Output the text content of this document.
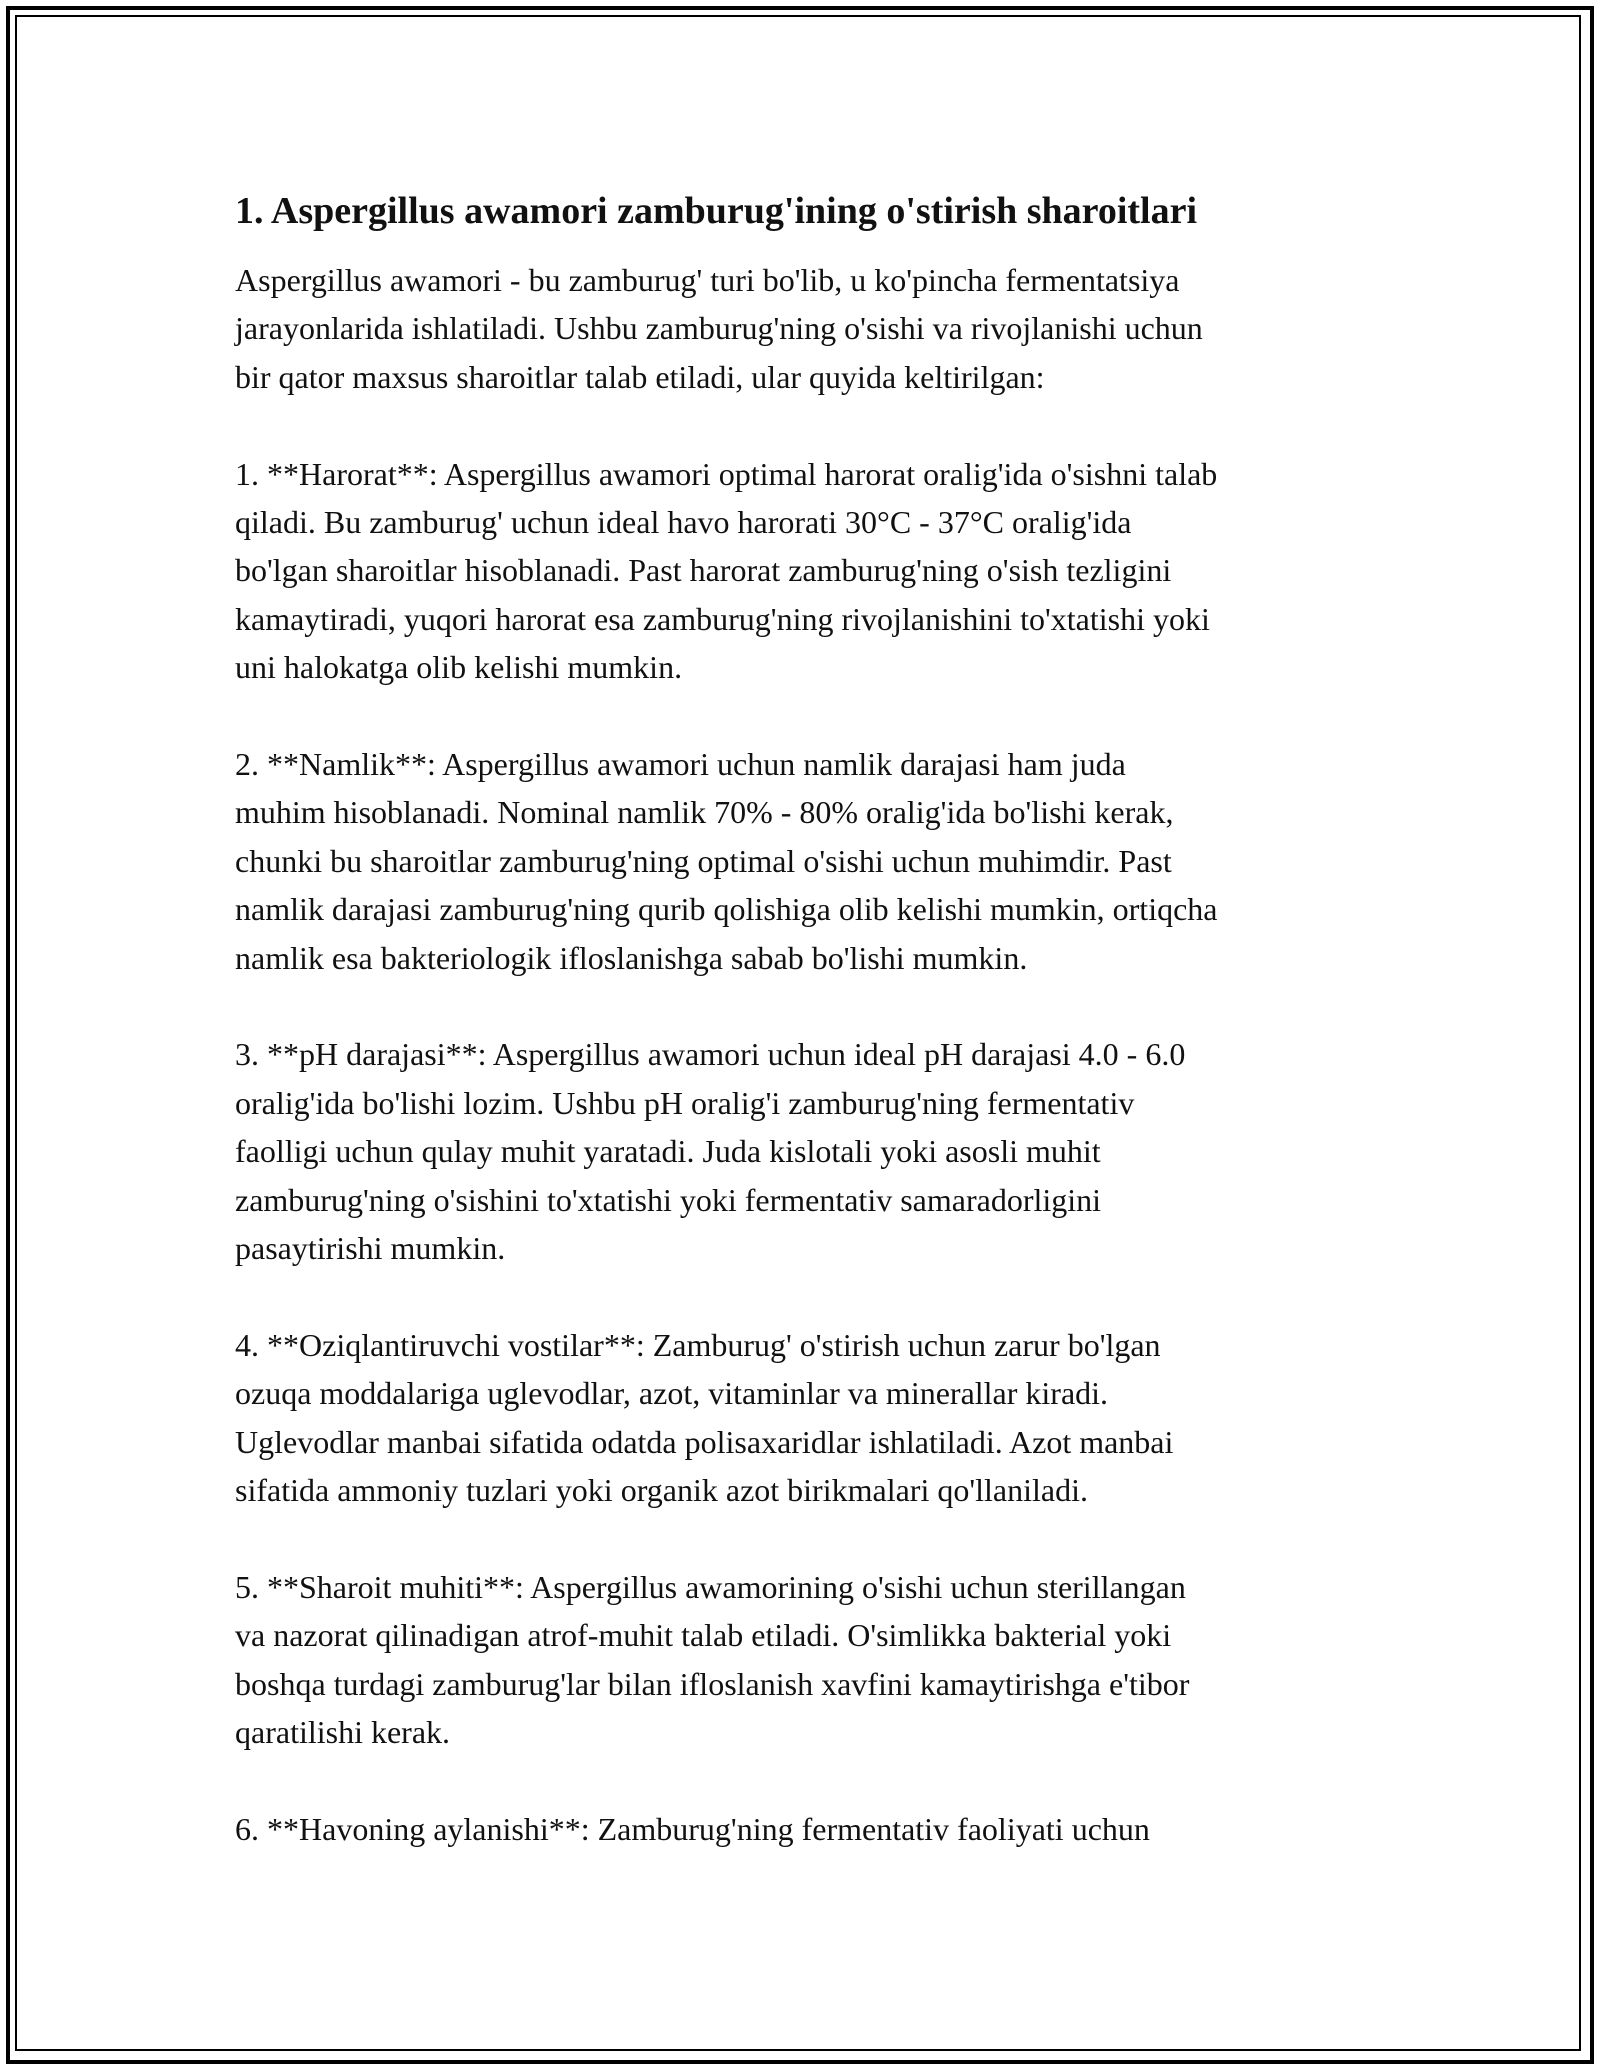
1. Aspergillus awamori zamburug'ining o'stirish sharoitlari

Aspergillus awamori - bu zamburug' turi bo'lib, u ko'pincha fermentatsiya
jarayonlarida ishlatiladi. Ushbu zamburug'ning o'sishi va rivojlanishi uchun
bir qator maxsus sharoitlar talab etiladi, ular quyida keltirilgan:

1. **Harorat**: Aspergillus awamori optimal harorat oralig'ida o'sishni talab
qiladi. Bu zamburug' uchun ideal havo harorati 30°C - 37°C oralig'ida
bo'lgan sharoitlar hisoblanadi. Past harorat zamburug'ning o'sish tezligini
kamaytiradi, yuqori harorat esa zamburug'ning rivojlanishini to'xtatishi yoki
uni halokatga olib kelishi mumkin.

2. **Namlik**: Aspergillus awamori uchun namlik darajasi ham juda
muhim hisoblanadi. Nominal namlik 70% - 80% oralig'ida bo'lishi kerak,
chunki bu sharoitlar zamburug'ning optimal o'sishi uchun muhimdir. Past
namlik darajasi zamburug'ning qurib qolishiga olib kelishi mumkin, ortiqcha
namlik esa bakteriologik ifloslanishga sabab bo'lishi mumkin.

3. **pH darajasi**: Aspergillus awamori uchun ideal pH darajasi 4.0 - 6.0
oralig'ida bo'lishi lozim. Ushbu pH oralig'i zamburug'ning fermentativ
faolligi uchun qulay muhit yaratadi. Juda kislotali yoki asosli muhit
zamburug'ning o'sishini to'xtatishi yoki fermentativ samaradorligini
pasaytirishi mumkin.

4. **Oziqlantiruvchi vostilar**: Zamburug' o'stirish uchun zarur bo'lgan
ozuqa moddalariga uglevodlar, azot, vitaminlar va minerallar kiradi.
Uglevodlar manbai sifatida odatda polisaxaridlar ishlatiladi. Azot manbai
sifatida ammoniy tuzlari yoki organik azot birikmalari qo'llaniladi.

5. **Sharoit muhiti**: Aspergillus awamorining o'sishi uchun sterillangan
va nazorat qilinadigan atrof-muhit talab etiladi. O'simlikka bakterial yoki
boshqa turdagi zamburug'lar bilan ifloslanish xavfini kamaytirishga e'tibor
qaratilishi kerak.

6. **Havoning aylanishi**: Zamburug'ning fermentativ faoliyati uchun
